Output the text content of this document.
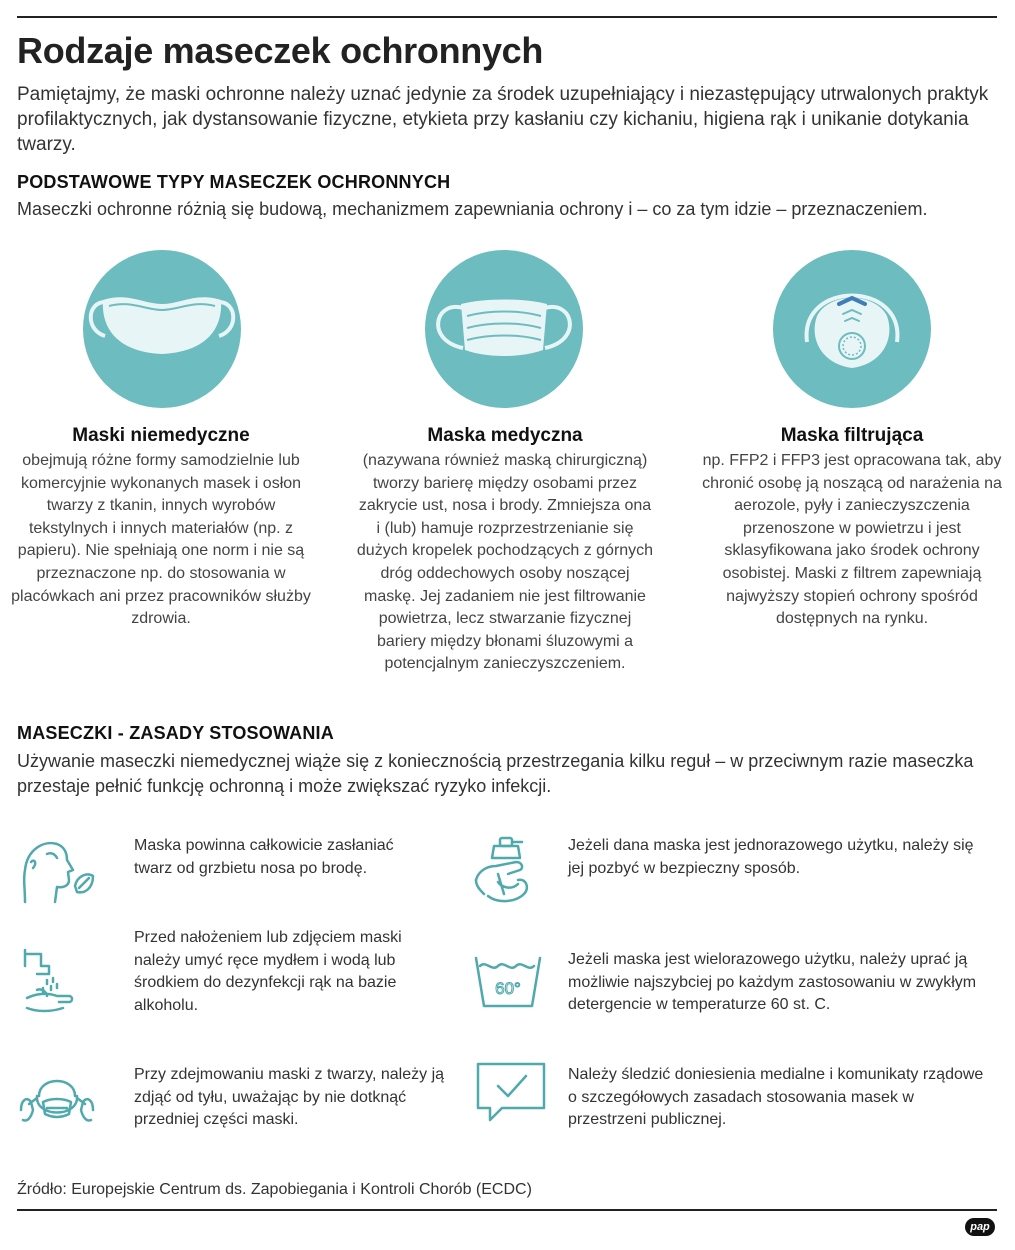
Rodzaje maseczek ochronnych

Pamiętajmy, że maski ochronne należy uznać jedynie za środek uzupełniający i niezastępujący utrwalonych praktyk profilaktycznych, jak dystansowanie fizyczne, etykieta przy kasłaniu czy kichaniu, higiena rąk i unikanie dotykania twarzy.

PODSTAWOWE TYPY MASECZEK OCHRONNYCH

Maseczki ochronne różnią się budową, mechanizmem zapewniania ochrony i – co za tym idzie – przeznaczeniem.

Maski niemedyczne
obejmują różne formy samodzielnie lub komercyjnie wykonanych masek i osłon twarzy z tkanin, innych wyrobów tekstylnych i innych materiałów (np. z papieru). Nie spełniają one norm i nie są przeznaczone np. do stosowania w placówkach ani przez pracowników służby zdrowia.
Maska medyczna
(nazywana również maską chirurgiczną) tworzy barierę między osobami przez zakrycie ust, nosa i brody. Zmniejsza ona i (lub) hamuje rozprzestrzenianie się dużych kropelek pochodzących z górnych dróg oddechowych osoby noszącej maskę. Jej zadaniem nie jest filtrowanie powietrza, lecz stwarzanie fizycznej bariery między błonami śluzowymi a potencjalnym zanieczyszczeniem.
Maska filtrująca
np. FFP2 i FFP3 jest opracowana tak, aby chronić osobę ją noszącą od narażenia na aerozole, pyły i zanieczyszczenia przenoszone w powietrzu i jest sklasyfikowana jako środek ochrony osobistej. Maski z filtrem zapewniają najwyższy stopień ochrony spośród dostępnych na rynku.
MASECZKI - ZASADY STOSOWANIA

Używanie maseczki niemedycznej wiąże się z koniecznością przestrzegania kilku reguł – w przeciwnym razie maseczka przestaje pełnić funkcję ochronną i może zwiększać ryzyko infekcji.

60°

Maska powinna całkowicie zasłaniać twarz od grzbietu nosa po brodę.

Jeżeli dana maska jest jednorazowego użytku, należy się jej pozbyć w bezpieczny sposób.

Przed nałożeniem lub zdjęciem maski należy umyć ręce mydłem i wodą lub środkiem do dezynfekcji rąk na bazie alkoholu.

Jeżeli maska jest wielorazowego użytku, należy uprać ją możliwie najszybciej po każdym zastosowaniu w zwykłym detergencie w temperaturze 60 st. C.

Przy zdejmowaniu maski z twarzy, należy ją zdjąć od tyłu, uważając by nie dotknąć przedniej części maski.

Należy śledzić doniesienia medialne i komunikaty rządowe o szczegółowych zasadach stosowania masek w przestrzeni publicznej.

Źródło: Europejskie Centrum ds. Zapobiegania i Kontroli Chorób (ECDC)

pap
